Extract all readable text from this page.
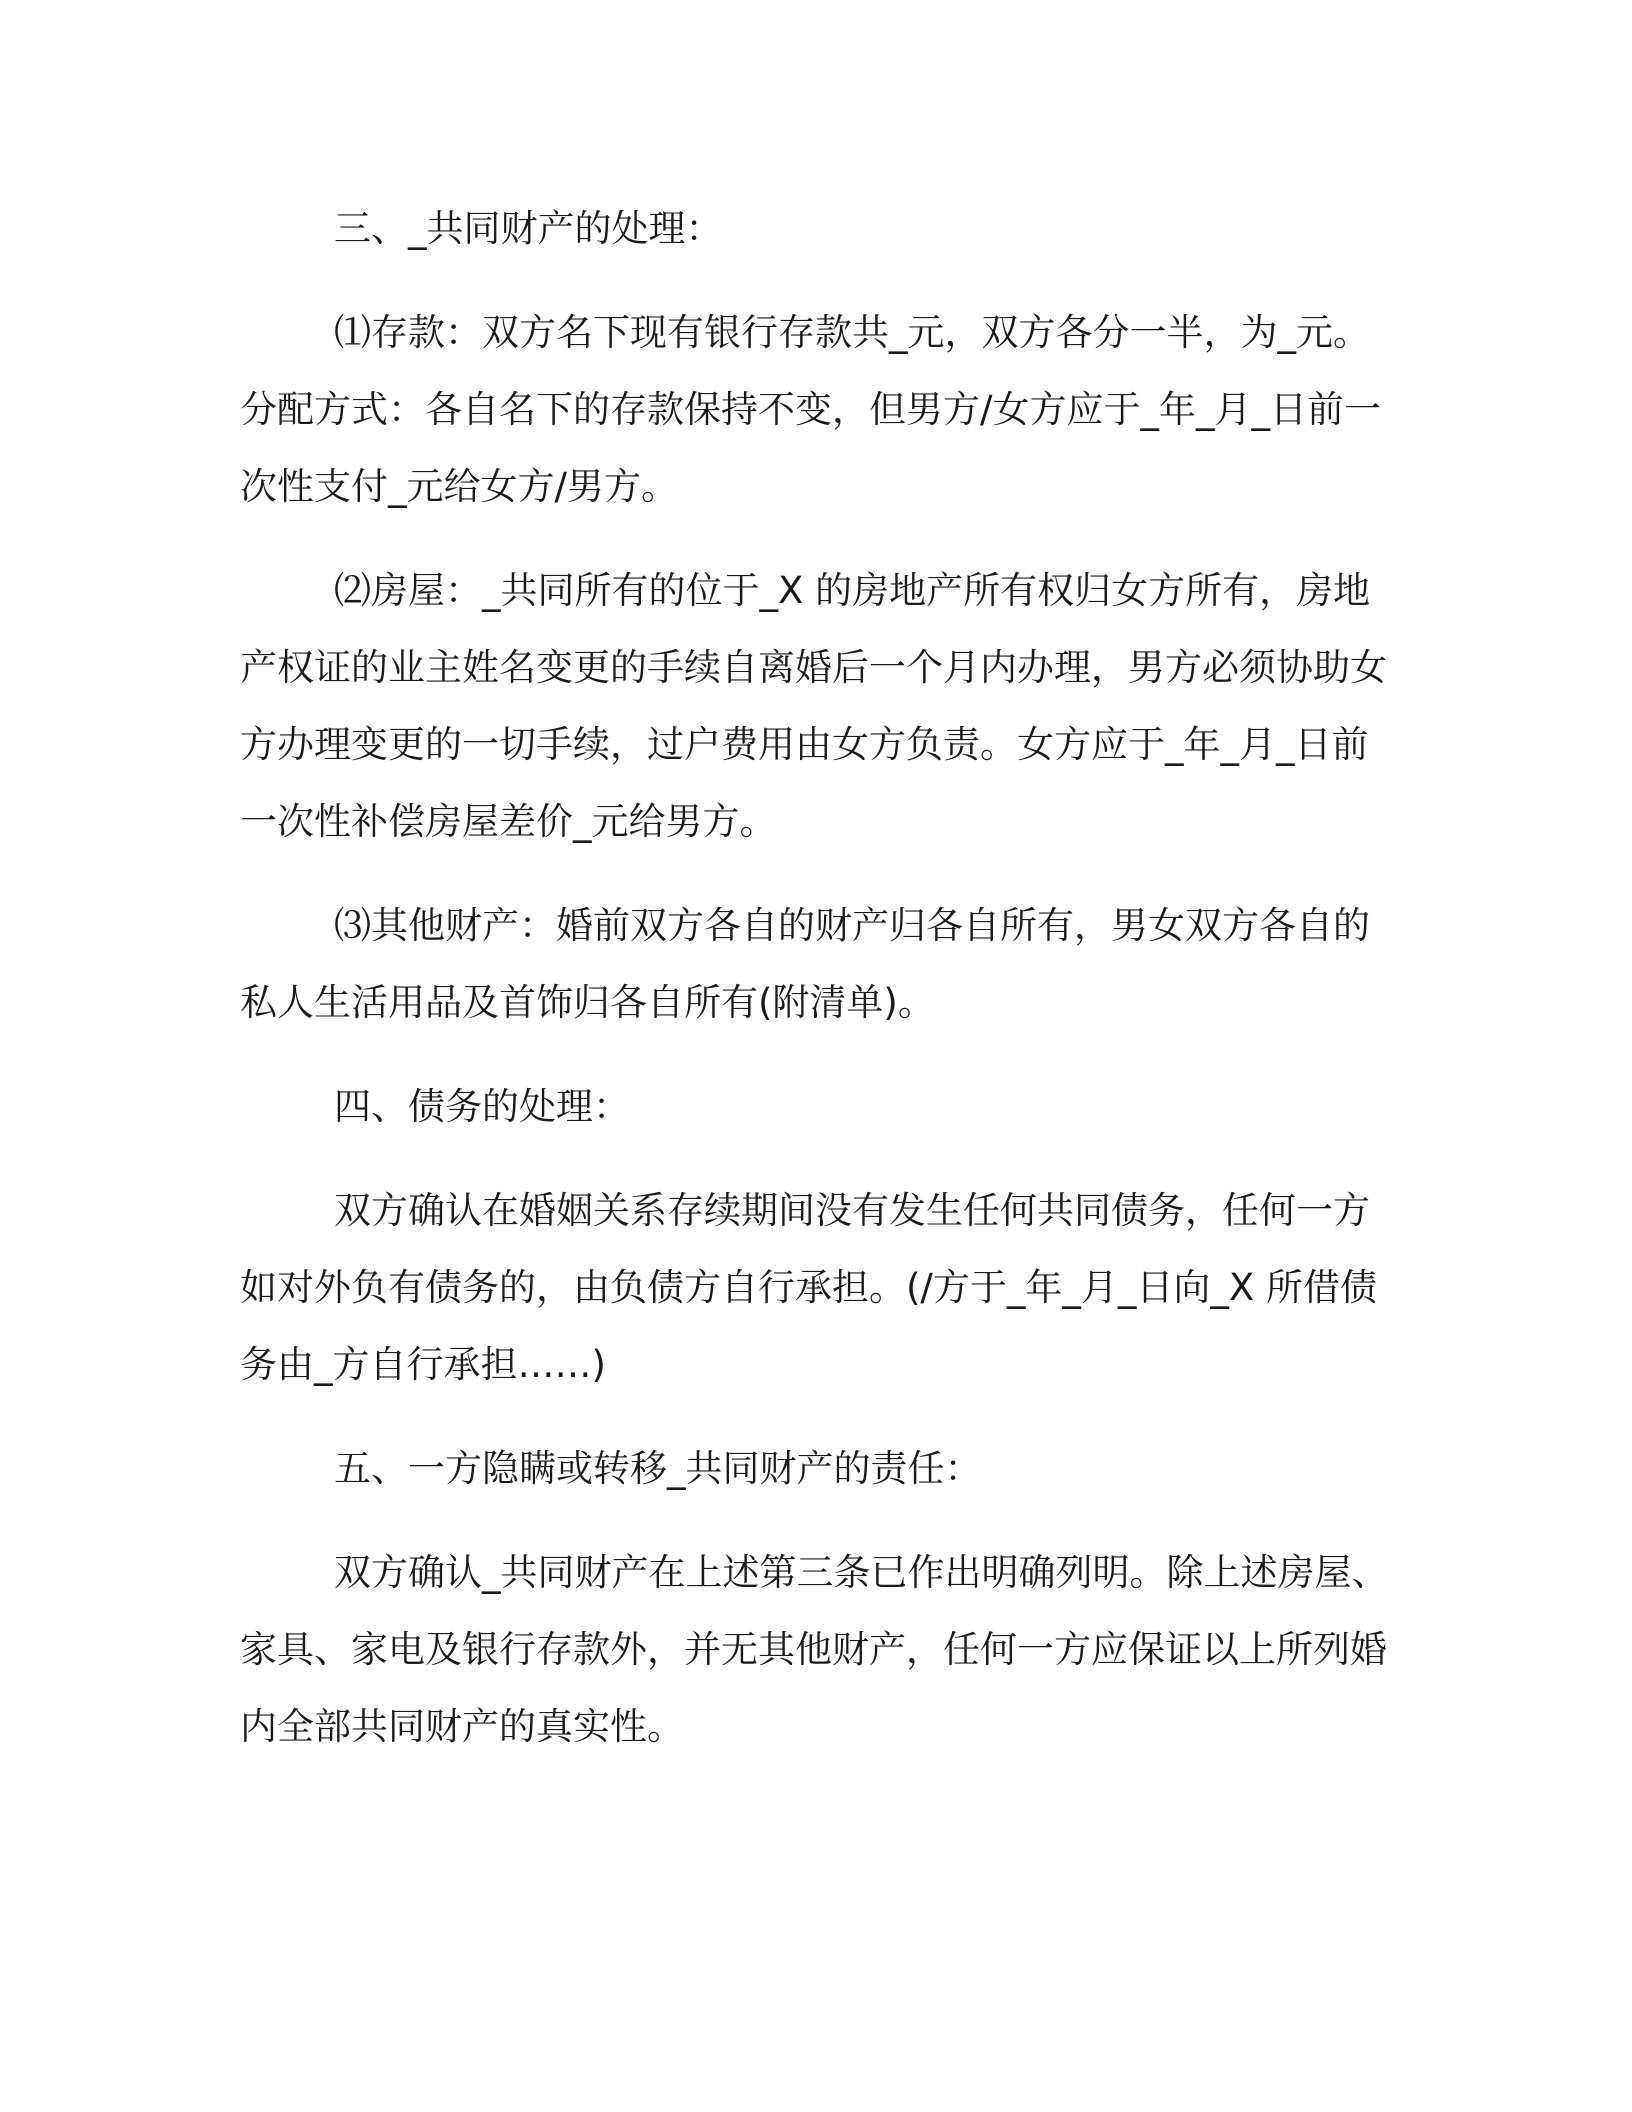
三、_共同财产的处理：

⑴存款：双方名下现有银行存款共_元，双方各分一半，为_元。分配方式：各自名下的存款保持不变，但男方/女方应于_年_月_日前一次性支付_元给女方/男方。

⑵房屋：_共同所有的位于_X 的房地产所有权归女方所有，房地产权证的业主姓名变更的手续自离婚后一个月内办理，男方必须协助女方办理变更的一切手续，过户费用由女方负责。女方应于_年_月_日前一次性补偿房屋差价_元给男方。

⑶其他财产：婚前双方各自的财产归各自所有，男女双方各自的私人生活用品及首饰归各自所有(附清单)。

四、债务的处理：

双方确认在婚姻关系存续期间没有发生任何共同债务，任何一方如对外负有债务的，由负债方自行承担。(/方于_年_月_日向_X 所借债务由_方自行承担……)

五、一方隐瞒或转移_共同财产的责任：

双方确认_共同财产在上述第三条已作出明确列明。除上述房屋、家具、家电及银行存款外，并无其他财产，任何一方应保证以上所列婚内全部共同财产的真实性。
